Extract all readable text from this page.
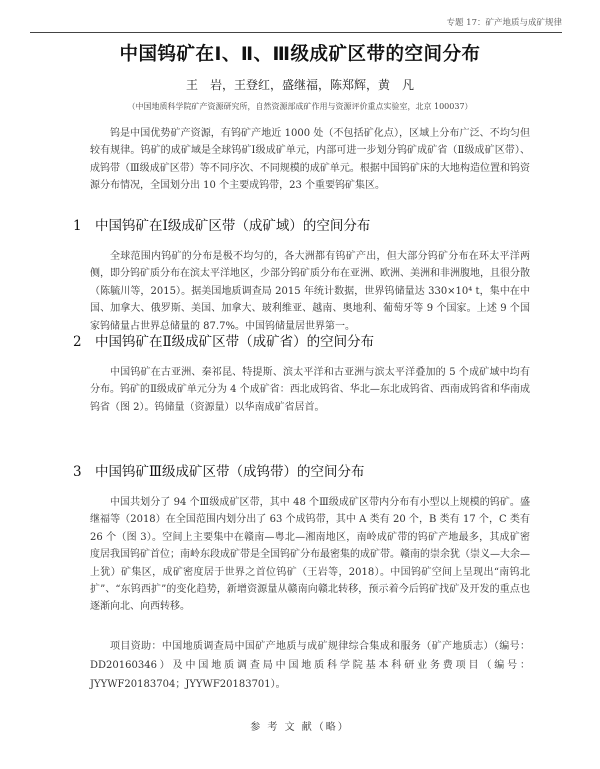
专题 17：矿产地质与成矿规律
中国钨矿在Ⅰ、Ⅱ、Ⅲ级成矿区带的空间分布
王　岩，王登红，盛继福，陈郑辉，黄　凡
（中国地质科学院矿产资源研究所，自然资源部成矿作用与资源评价重点实验室，北京 100037）

钨是中国优势矿产资源，有钨矿产地近 1000 处（不包括矿化点），区域上分布广泛、不均匀但较有规律。钨矿的成矿域是全球钨矿Ⅰ级成矿单元，内部可进一步划分钨矿成矿省（Ⅱ级成矿区带）、成钨带（Ⅲ级成矿区带）等不同序次、不同规模的成矿单元。根据中国钨矿床的大地构造位置和钨资源分布情况，全国划分出 10 个主要成钨带，23 个重要钨矿集区。

1 中国钨矿在Ⅰ级成矿区带（成矿域）的空间分布

全球范围内钨矿的分布是极不均匀的，各大洲都有钨矿产出，但大部分钨矿分布在环太平洋两侧，即分钨矿质分布在滨太平洋地区，少部分钨矿质分布在亚洲、欧洲、美洲和非洲腹地，且很分散（陈毓川等，2015）。据美国地质调查局 2015 年统计数据，世界钨储量达 330×10⁴ t，集中在中国、加拿大、俄罗斯、美国、加拿大、玻利维亚、越南、奥地利、葡萄牙等 9 个国家。上述 9 个国家钨储量占世界总储量的 87.7%。中国钨储量居世界第一。

2 中国钨矿在Ⅱ级成矿区带（成矿省）的空间分布

中国钨矿在古亚洲、秦祁昆、特提斯、滨太平洋和古亚洲与滨太平洋叠加的 5 个成矿域中均有分布。钨矿的Ⅱ级成矿单元分为 4 个成矿省：西北成钨省、华北—东北成钨省、西南成钨省和华南成钨省（图 2）。钨储量（资源量）以华南成矿省居首。

3 中国钨矿Ⅲ级成矿区带（成钨带）的空间分布

中国共划分了 94 个Ⅲ级成矿区带，其中 48 个Ⅲ级成矿区带内分布有小型以上规模的钨矿。盛继福等（2018）在全国范围内划分出了 63 个成钨带，其中 A 类有 20 个，B 类有 17 个，C 类有 26 个（图 3）。空间上主要集中在赣南—粤北—湘南地区，南岭成矿带的钨矿产地最多，其成矿密度居我国钨矿首位；南岭东段成矿带是全国钨矿分布最密集的成矿带。赣南的崇余犹（崇义—大余—上犹）矿集区，成矿密度居于世界之首位钨矿（王岩等，2018）。中国钨矿空间上呈现出“南钨北扩”、“东钨西扩”的变化趋势，新增资源量从赣南向赣北转移，预示着今后钨矿找矿及开发的重点也逐渐向北、向西转移。

项目资助：中国地质调查局中国矿产地质与成矿规律综合集成和服务（矿产地质志）（编号：DD20160346）及中国地质调查局中国地质科学院基本科研业务费项目（编号：JYYWF20183704；JYYWF20183701）。

参 考 文 献（略）
